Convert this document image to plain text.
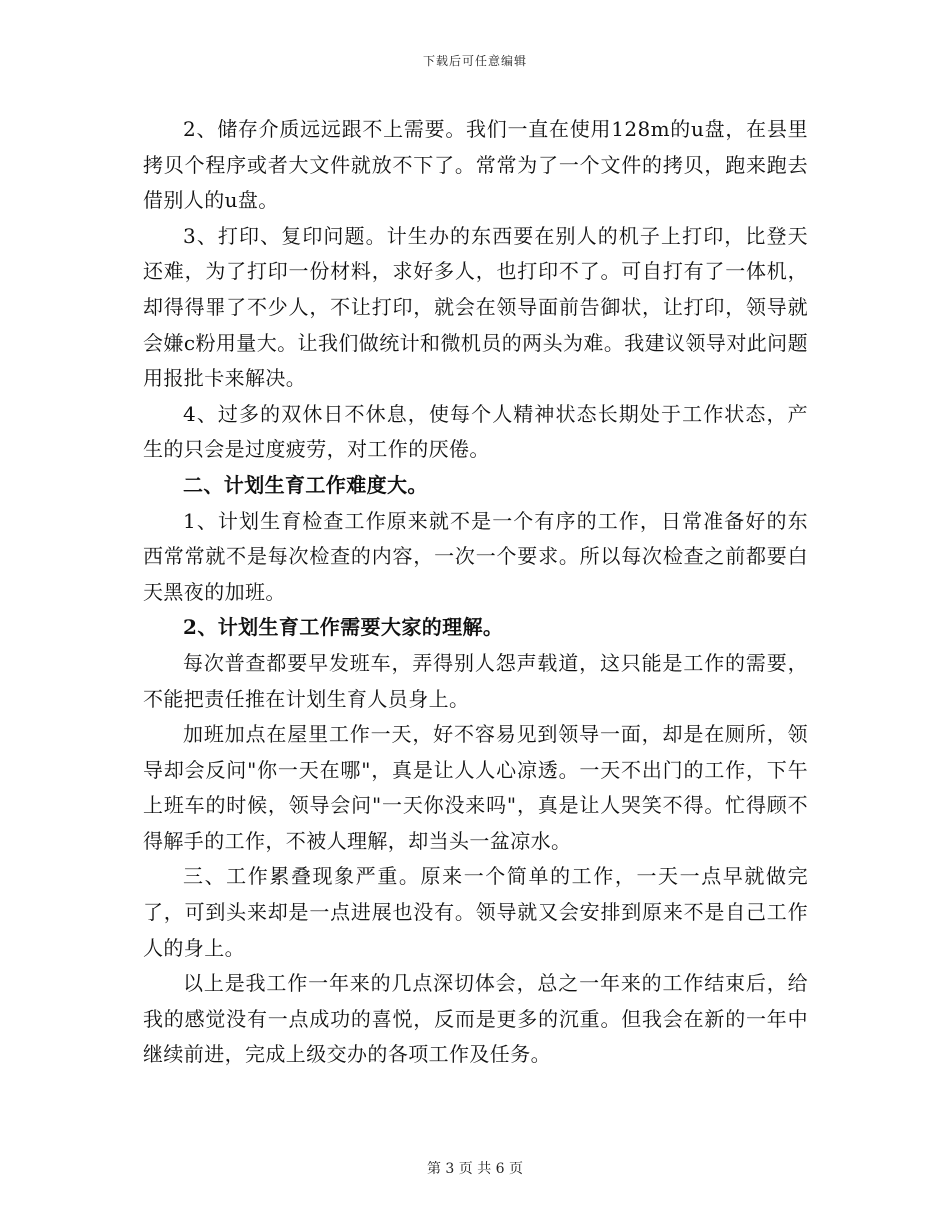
下载后可任意编辑

2、储存介质远远跟不上需要。我们一直在使用128m的u盘，在县里拷贝个程序或者大文件就放不下了。常常为了一个文件的拷贝，跑来跑去借别人的u盘。

3、打印、复印问题。计生办的东西要在别人的机子上打印，比登天还难，为了打印一份材料，求好多人，也打印不了。可自打有了一体机，却得得罪了不少人，不让打印，就会在领导面前告御状，让打印，领导就会嫌c粉用量大。让我们做统计和微机员的两头为难。我建议领导对此问题用报批卡来解决。

4、过多的双休日不休息，使每个人精神状态长期处于工作状态，产生的只会是过度疲劳，对工作的厌倦。

二、计划生育工作难度大。

1、计划生育检查工作原来就不是一个有序的工作，日常准备好的东西常常就不是每次检查的内容，一次一个要求。所以每次检查之前都要白天黑夜的加班。

2、计划生育工作需要大家的理解。

每次普查都要早发班车，弄得别人怨声载道，这只能是工作的需要，不能把责任推在计划生育人员身上。

加班加点在屋里工作一天，好不容易见到领导一面，却是在厕所，领导却会反问"你一天在哪"，真是让人人心凉透。一天不出门的工作，下午上班车的时候，领导会问"一天你没来吗"，真是让人哭笑不得。忙得顾不得解手的工作，不被人理解，却当头一盆凉水。

三、工作累叠现象严重。原来一个简单的工作，一天一点早就做完了，可到头来却是一点进展也没有。领导就又会安排到原来不是自己工作人的身上。

以上是我工作一年来的几点深切体会，总之一年来的工作结束后，给我的感觉没有一点成功的喜悦，反而是更多的沉重。但我会在新的一年中继续前进，完成上级交办的各项工作及任务。

第 3 页 共 6 页
